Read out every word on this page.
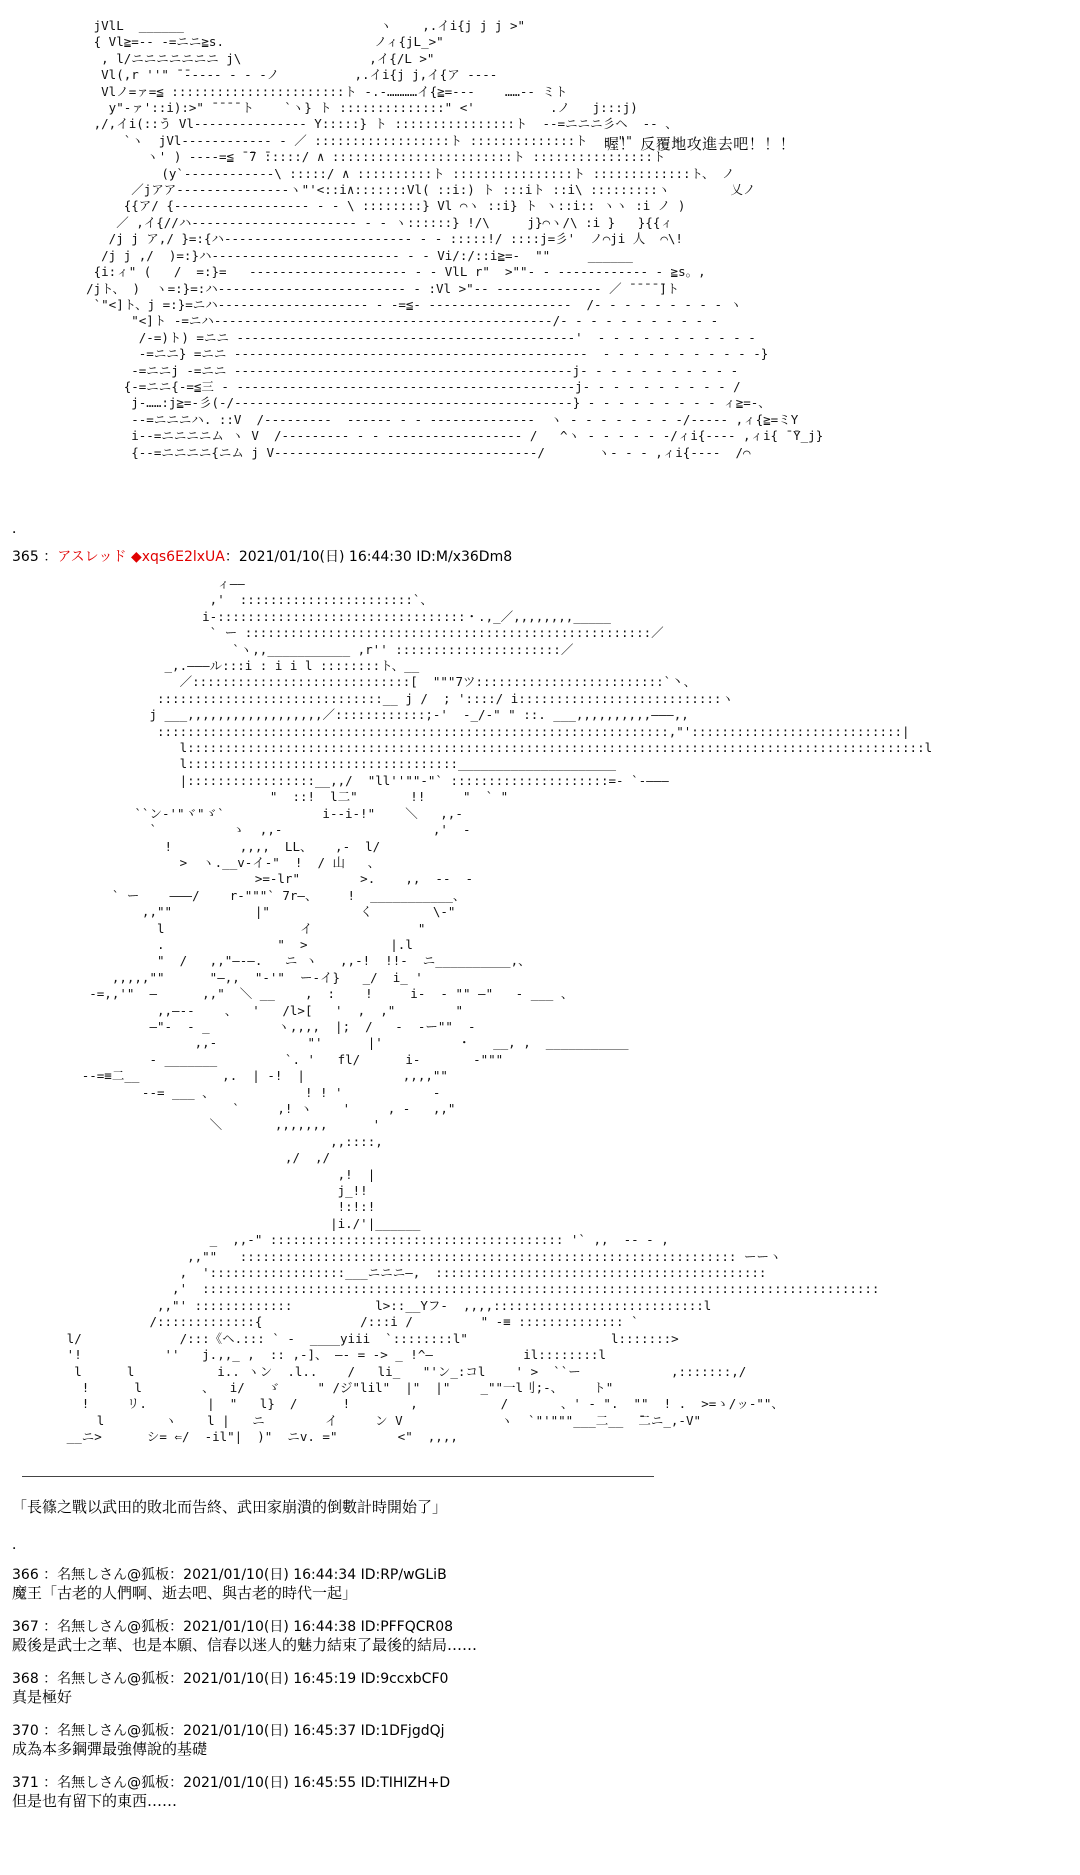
jVlL  ______                          ヽ    ,.イi{j j j >"
{ Vl≧=-- -=ニニ≧s.                    ノィ{jL_>"
, l/ニニニニニニニ j\                 ,イ{/L >"
Vl(,r ''" ̄ ̄----- - - -ノ          ,.イi{j j,イ{ア ----
Vlノ=ァ=≦ :::::::::::::::::::::::ト -.-…………イ{≧=---    ……-- ミト
y"-ァ'::i):>" ̄ ̄ ̄ ̄ ト    `ヽ} ト ::::::::::::::" <'          .ノ   j:::j)
,/,イi(::う Vl--------------- Y:::::} ト ::::::::::::::::ト  --=ニニニ彡ヘ  -- 、
`ヽ  jVl------------ - ／ ::::::::::::::::::ト ::::::::::::::ト  --""     ヽ
ヽ' ) ----=≦ ̄ ̄7 ̄:::::/ ∧ ::::::::::::::::::::::::ト ::::::::::::::::ト
(y`------------\ :::::/ ∧ ::::::::::ト ::::::::::::::::ト :::::::::::::ト、 ノ
／jアア---------------ヽ"'<::i∧:::::::Vl( ::i:) ト :::iト ::i\ :::::::::ヽ        乂ノ
{{ア/ {------------------ - - \ ::::::::} Vl ⌒ヽ ::i} ト ヽ::i:: ヽヽ :i ノ )
／ ,イ{//ハ---------------------- - - ヽ::::::} !/\     j}⌒ヽ/\ :i }   }{{ィ
/j j ア,/ }=:{ハ------------------------- - - :::::!/ ::::j=彡'  ノ⌒ji 人  ⌒\!
/j j ,/  )=:}ハ------------------------- - - Vi/:/::i≧=-  ""     ______
{i:ィ" (   /  =:}=   --------------------- - - VlL r"  >""- - ------------ - ≧s。,
/jト、 )  ヽ=:}=:ハ------------------------- - :Vl >"-- -------------- ／ ̄ ̄ ̄ ̄ ̄]ト
`"<]ト、j =:}=ニハ-------------------- - -=≦- -------------------  /- - - - - - - - - ヽ
"<]ト -=ニハ---------------------------------------------/- - - - - - - - - - -
/-=)ト) =ニニ ---------------------------------------------'  - - - - - - - - - - -
-=ニニ} =ニニ -----------------------------------------------  - - - - - - - - - - -}
-=ニニj -=ニニ ---------------------------------------------j- - - - - - - - - - -
{-=ニニ{-=≦三 - ---------------------------------------------j- - - - - - - - - - /
j-……:j≧=-彡(-/---------------------------------------------} - - - - - - - - - ィ≧=-、
--=ニニニハ. ::V  /---------  ------ - - --------------  ヽ - - - - - - - -/----- ,ィ{≧=ミY
i--=ニニニニム ヽ V  /--------- - - ------------------ /   ^ヽ - - - - - -/ィi{---- ,ィi{ ̄ ̄Y_j}
{--=ニニニニ{ニム j V-----------------------------------/       ヽ- - - ,ィi{----  /⌒
喔！ 反覆地攻進去吧！！！
．
365 ：アスレッド ◆xqs6E2lxUA：2021/01/10(日) 16:44:30 ID:M/x36Dm8
ィ——
,'  :::::::::::::::::::::::`、
i-:::::::::::::::::::::::::::::::::・.,_／,,,,,,,,_____
` ー ::::::::::::::::::::::::::::::::::::::::::::::::::::::／
`ヽ,,___________ ,r'' ::::::::::::::::::::::／
_,.———ル:::i : i i l ::::::::ト、__
／:::::::::::::::::::::::::::::[  """7ツ:::::::::::::::::::::::::`丶、
::::::::::::::::::::::::::::::__ j /  ; '::::/ i:::::::::::::::::::::::::::ヽ
j ___,,,,,,,,,,,,,,,,,,／::::::::::::;-'  -_/-" " ::. ___,,,,,,,,,,———,,
::::::::::::::::::::::::::::::::::::::::::::::::::::::::::::::::::::,"'::::::::::::::::::::::::::::|
l::::::::::::::::::::::::::::::::::::::::::::::::::::::::::::::::::::::::::::::::::::::::::::::::::l
l::::::::::::::::::::::::::::::::::::_____________________
|:::::::::::::::::__,,/  "ll''""-"` :::::::::::::::::::::=- `-———
"  ::!  l二"       !!     "  ` "
``ン-'"ヾ"ゞ`             i--i-!"    ＼   ,,-
`          ゝ  ,,-                    ,'  -
!         ,,,,  LL、   ,-  l/
>  ヽ.__v-イ-"  !  / 山   、
>=-lr"        >.    ,,  --  -
` ー    ———/    r-"""` 7r—、    !  ___________、
,,""           |"            く        \-"
l                  イ              "
.               "  >           |.l
"  /   ,,"—-—.   ニ ヽ   ,,-!  !!-  ニ__________,、
,,,,,""      "—,,  "-'"  ー-イ}   _/  i_ '
-=,,'"  —      ,,"  ＼ __    ,  :    !     i-  - "" —"   - ___ 、
,,—--    、  '   /l>[   '  ,  ,"        "
—"-  - _         ヽ,,,,  |;  /   -  -ー""  -
,,-            "'      |'          ・   __, ,  ___________
- _______         `. '   fl/      i-       -"""
--=≡二__           ,.  | -!  |             ,,,,""
--= ___ 、            ! ! '            -
`     ,! ヽ    '     , -   ,,"
＼       ,,,,,,,      '
,,::::,
,/  ,/
,!  |
j_!!
!:!:!
|i./'|______
_  ,,-" ::::::::::::::::::::::::::::::::::::::: '` ,,  -- - ,
,,""   :::::::::::::::::::::::::::::::::::::::::::::::::::::::::::::::::: ーーヽ
,  '::::::::::::::::::___ニニニ—,  ::::::::::::::::::::::::::::::::::::::::::::
,'  ::::::::::::::::::::::::::::::::::::::::::::::::::::::::::::::::::::::::::::::::::::::::::
,,"' :::::::::::::           l>::__Yフ-  ,,,,::::::::::::::::::::::::::::l
/:::::::::::::{             /:::i /         " -≡ :::::::::::::: `
l/             /:::《ヘ.::: ` -  ____yiii  `::::::::l"                   l:::::::>
'!           ''   j.,,_ ,  :: ,-]、 —- = -> _ !^—            il::::::::l
l      l           i.. ヽン  .l..    /   li_   "'ン_:コl    ' >  ``ー            ,:::::::,/
!      l        、  i/   ゞ     " /ジ"lil"  |"  |"    _""一l刂;-、    ト"
!     リ.        |  "   l}  /      !        ,           /       、' - ".  ""  ! .  >=ゝ/ッ-""、
l        ヽ    l |   ニ        イ     ン V             ヽ  `"'"""___二__  ̄二ニ_,-V"
__ニ>      シ= ⇐/  -il"|  )"  ニv. ="        <"  ,,,,
「長篠之戰以武田的敗北而告終、武田家崩潰的倒數計時開始了」
．
366 ：名無しさん@狐板：2021/01/10(日) 16:44:34 ID:RP/wGLiB
魔王「古老的人們啊、逝去吧、與古老的時代一起」
367 ：名無しさん@狐板：2021/01/10(日) 16:44:38 ID:PFFQCR08
殿後是武士之華、也是本願、信春以迷人的魅力結束了最後的結局……
368 ：名無しさん@狐板：2021/01/10(日) 16:45:19 ID:9ccxbCF0
真是極好
370 ：名無しさん@狐板：2021/01/10(日) 16:45:37 ID:1DFjgdQj
成為本多鋼彈最強傳說的基礎
371 ：名無しさん@狐板：2021/01/10(日) 16:45:55 ID:TIHIZH+D
但是也有留下的東西……
